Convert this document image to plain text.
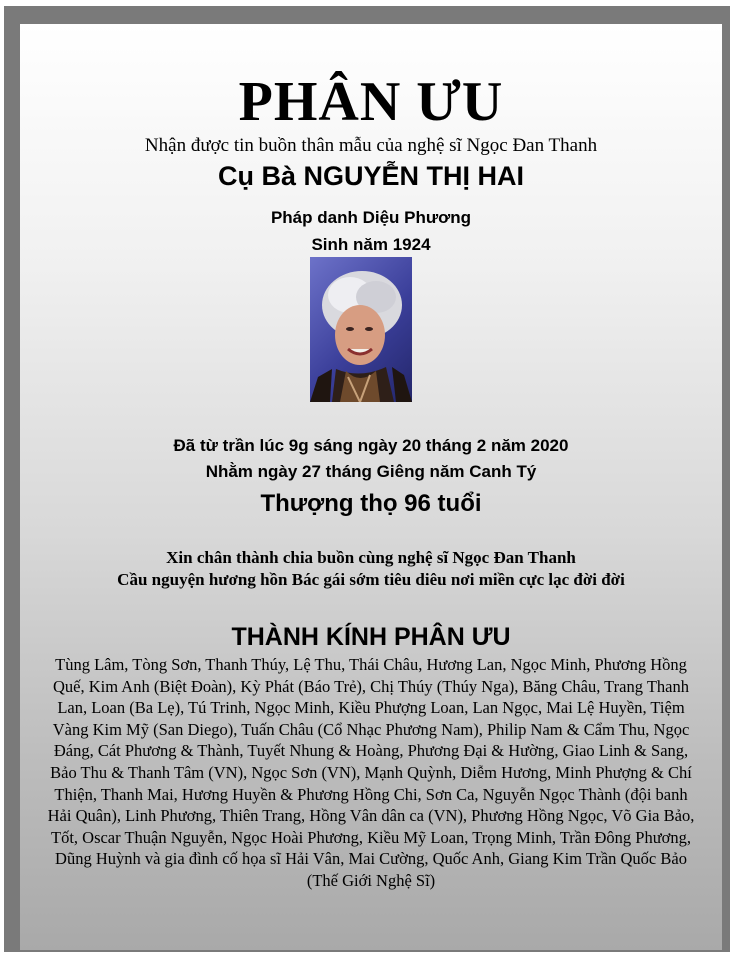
PHÂN ƯU
Nhận được tin buồn thân mẫu của nghệ sĩ Ngọc Đan Thanh
Cụ Bà NGUYỄN THỊ HAI
Pháp danh Diệu Phương
Sinh năm 1924
Đã từ trần lúc 9g sáng ngày 20 tháng 2 năm 2020
Nhằm ngày 27 tháng Giêng năm Canh Tý
Thượng thọ 96 tuổi
Xin chân thành chia buồn cùng nghệ sĩ Ngọc Đan Thanh
Cầu nguyện hương hồn Bác gái sớm tiêu diêu nơi miền cực lạc đời đời
THÀNH KÍNH PHÂN ƯU
Tùng Lâm, Tòng Sơn, Thanh Thúy, Lệ Thu, Thái Châu, Hương Lan, Ngọc Minh, Phương Hồng Quế, Kim Anh (Biệt Đoàn), Kỳ Phát (Báo Trẻ), Chị Thúy (Thúy Nga), Băng Châu, Trang Thanh Lan, Loan (Ba Lẹ), Tú Trinh, Ngọc Minh, Kiều Phượng Loan, Lan Ngọc, Mai Lệ Huyền, Tiệm Vàng Kim Mỹ (San Diego), Tuấn Châu (Cổ Nhạc Phương Nam), Philip Nam & Cẩm Thu, Ngọc Đáng, Cát Phương & Thành, Tuyết Nhung & Hoàng, Phương Đại & Hường, Giao Linh & Sang, Bảo Thu & Thanh Tâm (VN), Ngọc Sơn (VN), Mạnh Quỳnh, Diễm Hương, Minh Phượng & Chí Thiện, Thanh Mai, Hương Huyền & Phương Hồng Chi, Sơn Ca, Nguyễn Ngọc Thành (đội banh Hải Quân), Linh Phương, Thiên Trang, Hồng Vân dân ca (VN), Phương Hồng Ngọc, Võ Gia Bảo, Tốt, Oscar Thuận Nguyễn, Ngọc Hoài Phương, Kiều Mỹ Loan, Trọng Minh, Trần Đông Phương, Dũng Huỳnh và gia đình cố họa sĩ Hải Vân, Mai Cường, Quốc Anh, Giang Kim Trần Quốc Bảo (Thế Giới Nghệ Sĩ)
